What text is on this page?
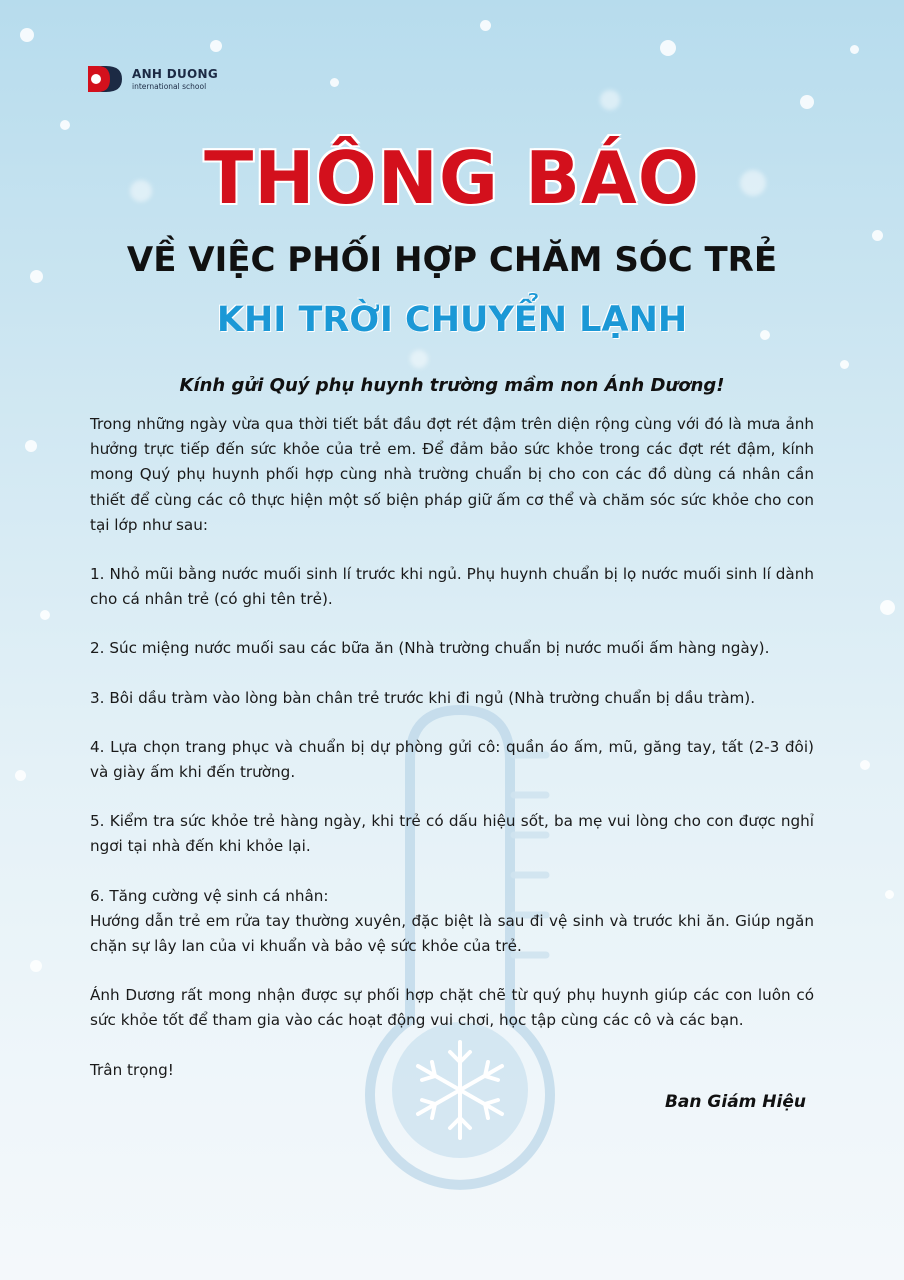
ANH DUONG
international school
THÔNG BÁO
VỀ VIỆC PHỐI HỢP CHĂM SÓC TRẺ
KHI TRỜI CHUYỂN LẠNH
Kính gửi Quý phụ huynh trường mầm non Ánh Dương!

Trong những ngày vừa qua thời tiết bắt đầu đợt rét đậm trên diện rộng cùng với đó là mưa ảnh hưởng trực tiếp đến sức khỏe của trẻ em. Để đảm bảo sức khỏe trong các đợt rét đậm, kính mong Quý phụ huynh phối hợp cùng nhà trường chuẩn bị cho con các đồ dùng cá nhân cần thiết để cùng các cô thực hiện một số biện pháp giữ ấm cơ thể và chăm sóc sức khỏe cho con tại lớp như sau:

1. Nhỏ mũi bằng nước muối sinh lí trước khi ngủ. Phụ huynh chuẩn bị lọ nước muối sinh lí dành cho cá nhân trẻ (có ghi tên trẻ).

2. Súc miệng nước muối sau các bữa ăn (Nhà trường chuẩn bị nước muối ấm hàng ngày).

3. Bôi dầu tràm vào lòng bàn chân trẻ trước khi đi ngủ (Nhà trường chuẩn bị dầu tràm).

4. Lựa chọn trang phục và chuẩn bị dự phòng gửi cô: quần áo ấm, mũ, găng tay, tất (2-3 đôi) và giày ấm khi đến trường.

5. Kiểm tra sức khỏe trẻ hàng ngày, khi trẻ có dấu hiệu sốt, ba mẹ vui lòng cho con được nghỉ ngơi tại nhà đến khi khỏe lại.

6. Tăng cường vệ sinh cá nhân:

Hướng dẫn trẻ em rửa tay thường xuyên, đặc biệt là sau đi vệ sinh và trước khi ăn. Giúp ngăn chặn sự lây lan của vi khuẩn và bảo vệ sức khỏe của trẻ.

Ánh Dương rất mong nhận được sự phối hợp chặt chẽ từ quý phụ huynh giúp các con luôn có sức khỏe tốt để tham gia vào các hoạt động vui chơi, học tập cùng các cô và các bạn.

Trân trọng!

Ban Giám Hiệu
